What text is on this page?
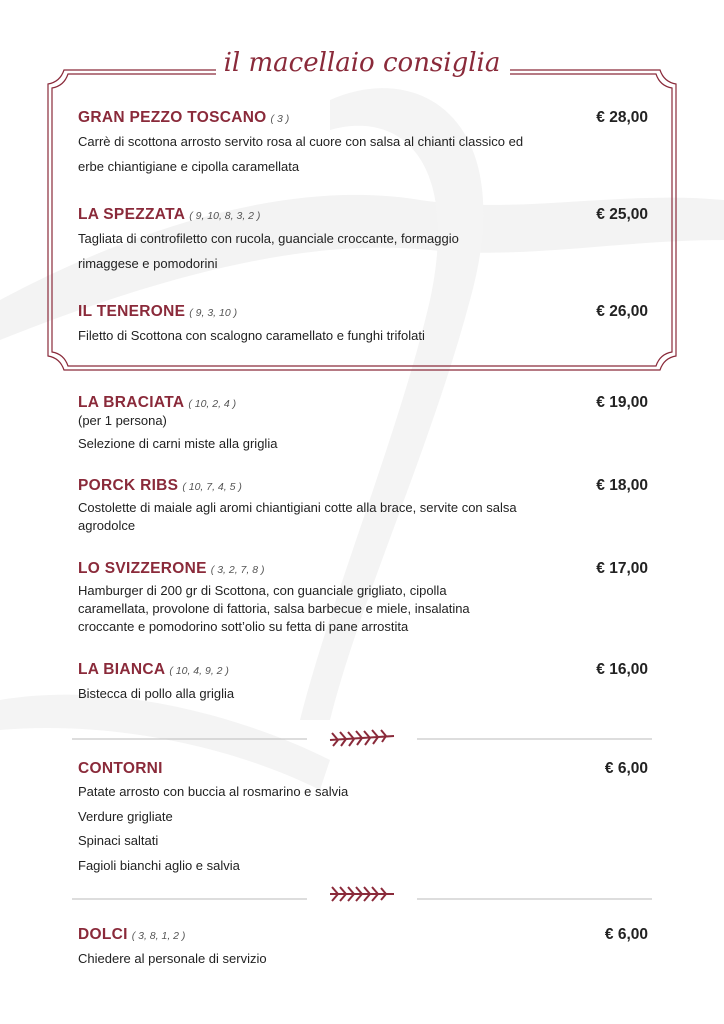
il macellaio consiglia
GRAN PEZZO TOSCANO ( 3 )	€ 28,00
Carrè di scottona arrosto servito rosa al cuore con salsa al chianti classico ed
erbe chiantigiane e cipolla caramellata
LA SPEZZATA ( 9, 10, 8, 3, 2 )	€ 25,00
Tagliata di controfiletto con rucola, guanciale croccante, formaggio
rimaggese e pomodorini
IL TENERONE ( 9, 3, 10 )	€ 26,00
Filetto di Scottona con scalogno caramellato e funghi trifolati
LA BRACIATA ( 10, 2, 4 )	€ 19,00
(per 1 persona)
Selezione di carni miste alla griglia
PORCK RIBS ( 10, 7, 4, 5 )	€ 18,00
Costolette di maiale agli aromi chiantigiani cotte alla brace, servite con salsa
agrodolce
LO SVIZZERONE ( 3, 2, 7, 8 )	€ 17,00
Hamburger di 200 gr di Scottona, con guanciale grigliato, cipolla
caramellata, provolone di fattoria, salsa barbecue e miele, insalatina
croccante e pomodorino sott’olio su fetta di pane arrostita
LA BIANCA ( 10, 4, 9, 2 )	€ 16,00
Bistecca di pollo alla griglia
CONTORNI	€ 6,00
Patate arrosto con buccia al rosmarino e salvia
Verdure grigliate
Spinaci saltati
Fagioli bianchi aglio e salvia
DOLCI ( 3, 8, 1, 2 )	€ 6,00
Chiedere al personale di servizio
